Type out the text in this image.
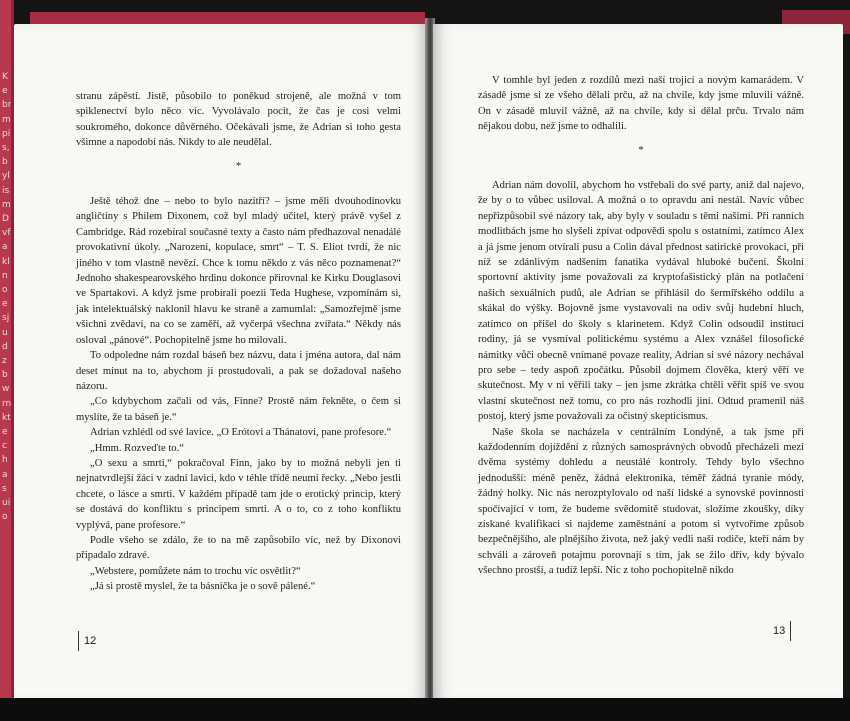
Kebrmpis,bylismDvfaklnoesjudzbwrnktechasuio

stranu zápěstí. Jistě, působilo to poněkud strojeně, ale možná v tom spiklenectví bylo něco víc. Vyvolávalo pocit, že čas je cosi velmi soukromého, dokonce důvěrného. Očekávali jsme, že Adrian si toho gesta všimne a napodobí nás. Nikdy to ale neudělal.

*

Ještě téhož dne – nebo to bylo nazítří? – jsme měli dvouhodinovku angličtiny s Philem Dixonem, což byl mladý učitel, který právě vyšel z Cambridge. Rád rozebíral současné texty a často nám předhazoval nenadálé provokativní úkoly. „Narození, kopulace, smrt“ – T. S. Eliot tvrdí, že nic jiného v tom vlastně nevězí. Chce k tomu někdo z vás něco poznamenat?“ Jednoho shakespearovského hrdinu dokonce přirovnal ke Kirku Douglasovi ve Spartakovi. A když jsme probírali poezii Teda Hughese, vzpomínám si, jak intelektuálský naklonil hlavu ke straně a zamumlal: „Samozřejmě jsme všichni zvědaví, na co se zaměří, až vyčerpá všechna zvířata.“ Někdy nás osloval „pánové“. Pochopitelně jsme ho milovali.

To odpoledne nám rozdal báseň bez názvu, data i jména autora, dal nám deset minut na to, abychom ji prostudovali, a pak se dožadoval našeho názoru.

„Co kdybychom začali od vás, Finne? Prostě nám řekněte, o čem si myslíte, že ta báseň je.“

Adrian vzhlédl od své lavice. „O Erótovi a Thánatovi, pane profesore.“

„Hmm. Rozveďte to.“

„O sexu a smrti,“ pokračoval Finn, jako by to možná nebyli jen ti nejnatvrdlejší žáci v zadní lavici, kdo v téhle třídě neumí řecky. „Nebo jestli chcete, o lásce a smrti. V každém případě tam jde o erotický princip, který se dostává do konfliktu s principem smrti. A o to, co z toho konfliktu vyplývá, pane profesore.“

Podle všeho se zdálo, že to na mě zapůsobilo víc, než by Dixonovi připadalo zdravé.

„Webstere, pomůžete nám to trochu víc osvětlit?“

„Já si prostě myslel, že ta básnička je o sově pálené.“

12

V tomhle byl jeden z rozdílů mezi naší trojicí a novým kamarádem. V zásadě jsme si ze všeho dělali prču, až na chvíle, kdy jsme mluvili vážně. On v zásadě mluvil vážně, až na chvíle, kdy si dělal prču. Trvalo nám nějakou dobu, než jsme to odhalili.

*

Adrian nám dovolil, abychom ho vstřebali do své party, aniž dal najevo, že by o to vůbec usiloval. A možná o to opravdu ani nestál. Navíc vůbec nepřizpůsobil své názory tak, aby byly v souladu s těmi našimi. Při ranních modlitbách jsme ho slyšeli zpívat odpovědi spolu s ostatními, zatímco Alex a já jsme jenom otvírali pusu a Colin dával přednost satirické provokaci, při níž se zdánlivým nadšením fanatika vydával hluboké bučení. Školní sportovní aktivity jsme považovali za kryptofašistický plán na potlačení našich sexuálních pudů, ale Adrian se přihlásil do šermířského oddílu a skákal do výšky. Bojovně jsme vystavovali na odiv svůj hudební hluch, zatímco on přišel do školy s klarinetem. Když Colin odsoudil instituci rodiny, já se vysmíval politickému systému a Alex vznášel filosofické námitky vůči obecně vnímané povaze reality, Adrian si své názory nechával pro sebe – tedy aspoň zpočátku. Působil dojmem člověka, který věří ve skutečnost. My v ni věřili taky – jen jsme zkrátka chtěli věřit spíš ve svou vlastní skutečnost než tomu, co pro nás rozhodli jiní. Odtud pramenil náš postoj, který jsme považovali za očistný skepticismus.

Naše škola se nacházela v centrálním Londýně, a tak jsme při každodenním dojíždění z různých samosprávných obvodů přecházeli mezi dvěma systémy dohledu a neustálé kontroly. Tehdy bylo všechno jednodušší: méně peněz, žádná elektronika, téměř žádná tyranie módy, žádný holky. Nic nás nerozptylovalo od naší lidské a synovské povinnosti spočívající v tom, že budeme svědomitě studovat, složíme zkoušky, díky získané kvalifikaci si najdeme zaměstnání a potom si vytvoříme způsob bezpečnějšího, ale plnějšího života, než jaký vedli naši rodiče, kteří nám by schváli a zároveň potajmu porovnají s tím, jak se žilo dřív, kdy bývalo všechno prostší, a tudíž lepší. Nic z toho pochopitelně nikdo

13
